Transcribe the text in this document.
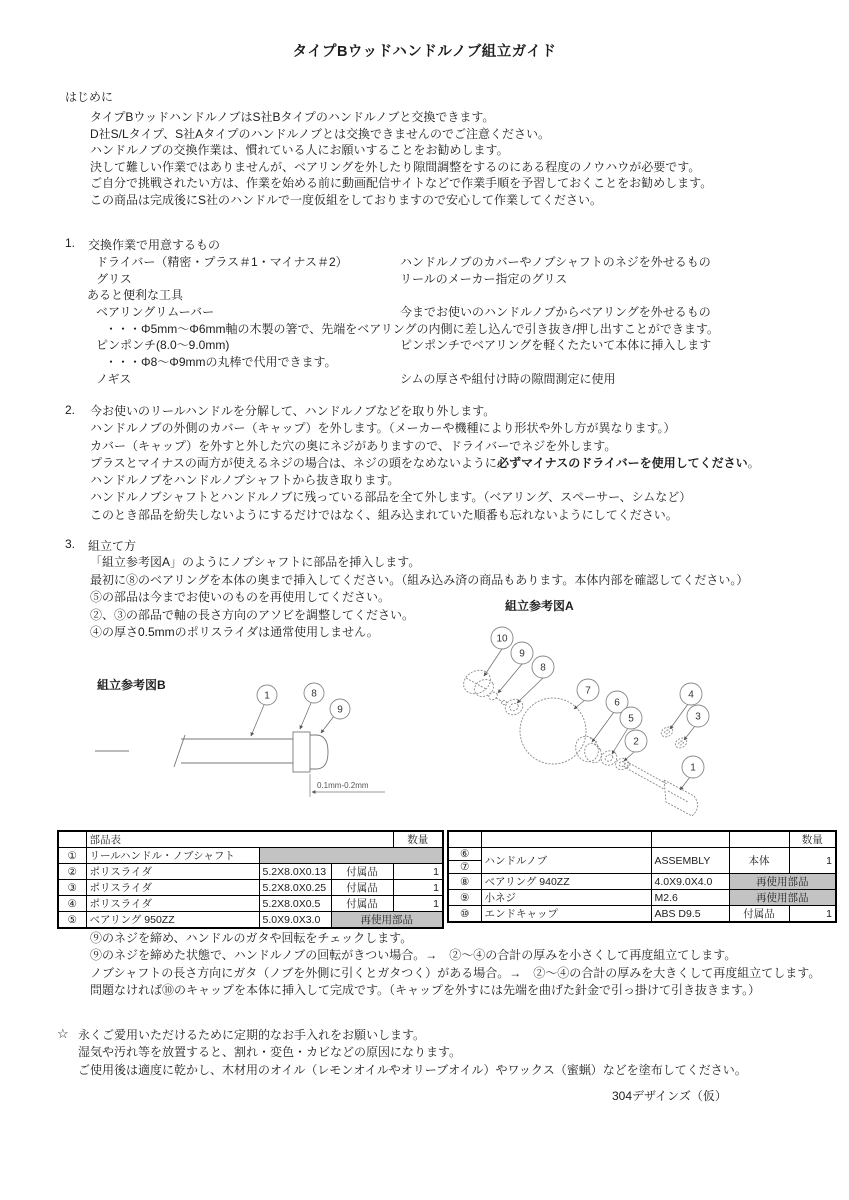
タイプBウッドハンドルノブ組立ガイド
はじめに
タイプBウッドハンドルノブはS社Bタイプのハンドルノブと交換できます。
D社S/Lタイプ、S社Aタイプのハンドルノブとは交換できませんのでご注意ください。
ハンドルノブの交換作業は、慣れている人にお願いすることをお勧めします。
決して難しい作業ではありませんが、ベアリングを外したり隙間調整をするのにある程度のノウハウが必要です。
ご自分で挑戦されたい方は、作業を始める前に動画配信サイトなどで作業手順を予習しておくことをお勧めします。
この商品は完成後にS社のハンドルで一度仮組をしておりますので安心して作業してください。
1. 交換作業で用意するもの
ドライバー（精密・プラス＃1・マイナス＃2）	ハンドルノブのカバーやノブシャフトのネジを外せるもの
グリス	リールのメーカー指定のグリス
あると便利な工具
ベアリングリムーバー	今までお使いのハンドルノブからベアリングを外せるもの
・・・Φ5mm～Φ6mm軸の木製の箸で、先端をベアリングの内側に差し込んで引き抜き/押し出すことができます。
ピンポンチ(8.0～9.0mm)	ピンポンチでベアリングを軽くたたいて本体に挿入します
・・・Φ8～Φ9mmの丸棒で代用できます。
ノギス	シムの厚さや組付け時の隙間測定に使用
2. 今お使いのリールハンドルを分解して、ハンドルノブなどを取り外します。
ハンドルノブの外側のカバー（キャップ）を外します。（メーカーや機種により形状や外し方が異なります。）
カバー（キャップ）を外すと外した穴の奥にネジがありますので、ドライバーでネジを外します。
プラスとマイナスの両方が使えるネジの場合は、ネジの頭をなめないように必ずマイナスのドライバーを使用してください。
ハンドルノブをハンドルノブシャフトから抜き取ります。
ハンドルノブシャフトとハンドルノブに残っている部品を全て外します。（ベアリング、スペーサー、シムなど）
このとき部品を紛失しないようにするだけではなく、組み込まれていた順番も忘れないようにしてください。
3. 組立て方
「組立参考図A」のようにノブシャフトに部品を挿入します。
最初に⑧のベアリングを本体の奥まで挿入してください。（組み込み済の商品もあります。本体内部を確認してください。）
⑤の部品は今までお使いのものを再使用してください。
②、③の部品で軸の長さ方向のアソビを調整してください。
④の厚さ0.5mmのポリスライダは通常使用しません。
組立参考図A
組立参考図B
10
9
8
7
6
5
4
3
2
1
1	8
9
0.1mm-0.2mm
	部品表			数量
①	リールハンドル・ノブシャフト			
②	ポリスライダ	5.2X8.0X0.13	付属品	1
③	ポリスライダ	5.2X8.0X0.25	付属品	1
④	ポリスライダ	5.2X8.0X0.5	付属品	1
⑤	ベアリング 950ZZ	5.0X9.0X3.0	再使用部品	
				数量
⑥	ハンドルノブ	ASSEMBLY	本体	1
⑦				
⑧	ベアリング 940ZZ	4.0X9.0X4.0	再使用部品	
⑨	小ネジ	M2.6	再使用部品	
⑩	エンドキャップ	ABS D9.5	付属品	1
⑨のネジを締め、ハンドルのガタや回転をチェックします。
⑨のネジを締めた状態で、ハンドルノブの回転がきつい場合。→　②～④の合計の厚みを小さくして再度組立てします。
ノブシャフトの長さ方向にガタ（ノブを外側に引くとガタつく）がある場合。→　②～④の合計の厚みを大きくして再度組立てします。
問題なければ⑩のキャップを本体に挿入して完成です。（キャップを外すには先端を曲げた針金で引っ掛けて引き抜きます。）
☆ 永くご愛用いただけるために定期的なお手入れをお願いします。
湿気や汚れ等を放置すると、割れ・変色・カビなどの原因になります。
ご使用後は適度に乾かし、木材用のオイル（レモンオイルやオリーブオイル）やワックス（蜜蝋）などを塗布してください。
304デザインズ（仮）
